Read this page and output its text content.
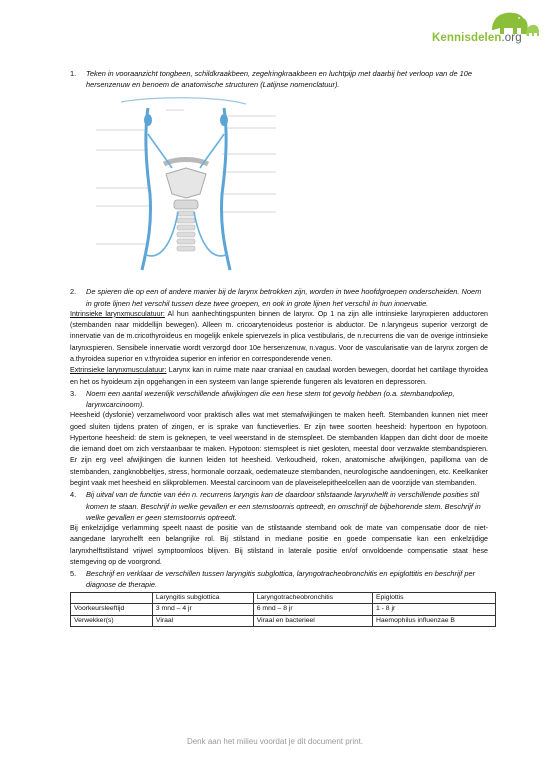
Kennisdelen.org

1. Teken in vooraanzicht tongbeen, schildkraakbeen, zegelringkraakbeen en luchtpijp met daarbij het verloop van de 10e hersenzenuw en benoem de anatomische structuren (Latijnse nomenclatuur).

2. De spieren die op een of andere manier bij de larynx betrokken zijn, worden in twee hoofdgroepen onderscheiden. Noem in grote lijnen het verschil tussen deze twee groepen, en ook in grote lijnen het verschil in hun innervatie.

Intrinsieke larynxmusculatuur: Al hun aanhechtingspunten binnen de larynx. Op 1 na zijn alle intrinsieke larynxpieren adductoren (stembanden naar middellijn bewegen). Alleen m. cricoarytenoideus posterior is abductor. De n.laryngeus superior verzorgt de innervatie van de m.cricothyroideus en mogelijk enkele spiervezels in plica vestibularis, de n.recurrens die van de overige intrinsieke larynxspieren. Sensibele innervatie wordt verzorgd door 10e hersenzenuw, n.vagus. Voor de vascularisatie van de larynx zorgen de a.thyroidea superior en v.thyroidea superior en inferior en corresponderende venen.

Extrinsieke larynxmusculatuur: Larynx kan in ruime mate naar craniaal en caudaal worden bewegen, doordat het cartilage thyroidea en het os hyoideum zijn opgehangen in een systeem van lange spierende fungeren als levatoren en depressoren.

3. Noem een aantal wezenlijk verschillende afwijkingen die een hese stem tot gevolg hebben (o.a. stembandpoliep, larynxcarcinoom).

Heesheid (dysfonie) verzamelwoord voor praktisch alles wat met stemafwijkingen te maken heeft. Stembanden kunnen niet meer goed sluiten tijdens praten of zingen, er is sprake van functieverlies. Er zijn twee soorten heesheid: hypertoon en hypotoon. Hypertone heesheid: de stem is geknepen, te veel weerstand in de stemspleet. De stembanden klappen dan dicht door de moeite die iemand doet om zich verstaanbaar te maken. Hypotoon: stemspleet is niet gesloten, meestal door verzwakte stembandspieren. Er zijn erg veel afwijkingen die kunnen leiden tot heesheid. Verkoudheid, roken, anatomische afwijkingen, papilloma van de stembanden, zangknobbeltjes, stress, hormonale oorzaak, oedemateuze stembanden, neurologische aandoeningen, etc. Keelkanker begint vaak met heesheid en slikproblemen. Meestal carcinoom van de plaveiselepitheelcellen aan de voorzijde van stembanden.

4. Bij uitval van de functie van één n. recurrens laryngis kan de daardoor stilstaande larynxhelft in verschillende posities stil komen te staan. Beschrijf in welke gevallen er een stemstoornis optreedt, en omschrijf de bijbehorende stem. Beschrijf in welke gevallen er geen stemstoornis optreedt.

Bij enkelzijdige verlamming speelt naast de positie van de stilstaande stemband ook de mate van compensatie door de niet-aangedane larynxhelft een belangrijke rol. Bij stilstand in mediane positie en goede compensatie kan een enkelzijdige larynxhelftstilstand vrijwel symptoomloos blijven. Bij stilstand in laterale positie en/of onvoldoende compensatie staat hese stemgeving op de voorgrond.

5. Beschrijf en verklaar de verschillen tussen laryngitis subglottica, laryngotracheobronchitis en epiglottitis en beschrijf per diagnose de therapie.

	Laryngitis subglottica	Laryngotracheobronchitis	Epiglottis
Voorkeursleeftijd	3 mnd – 4 jr	6 mnd – 8 jr	1 - 8 jr
Verwekker(s)	Viraal	Viraal en bacterieel	Haemophilus influenzae B
Denk aan het milieu voordat je dit document print.
